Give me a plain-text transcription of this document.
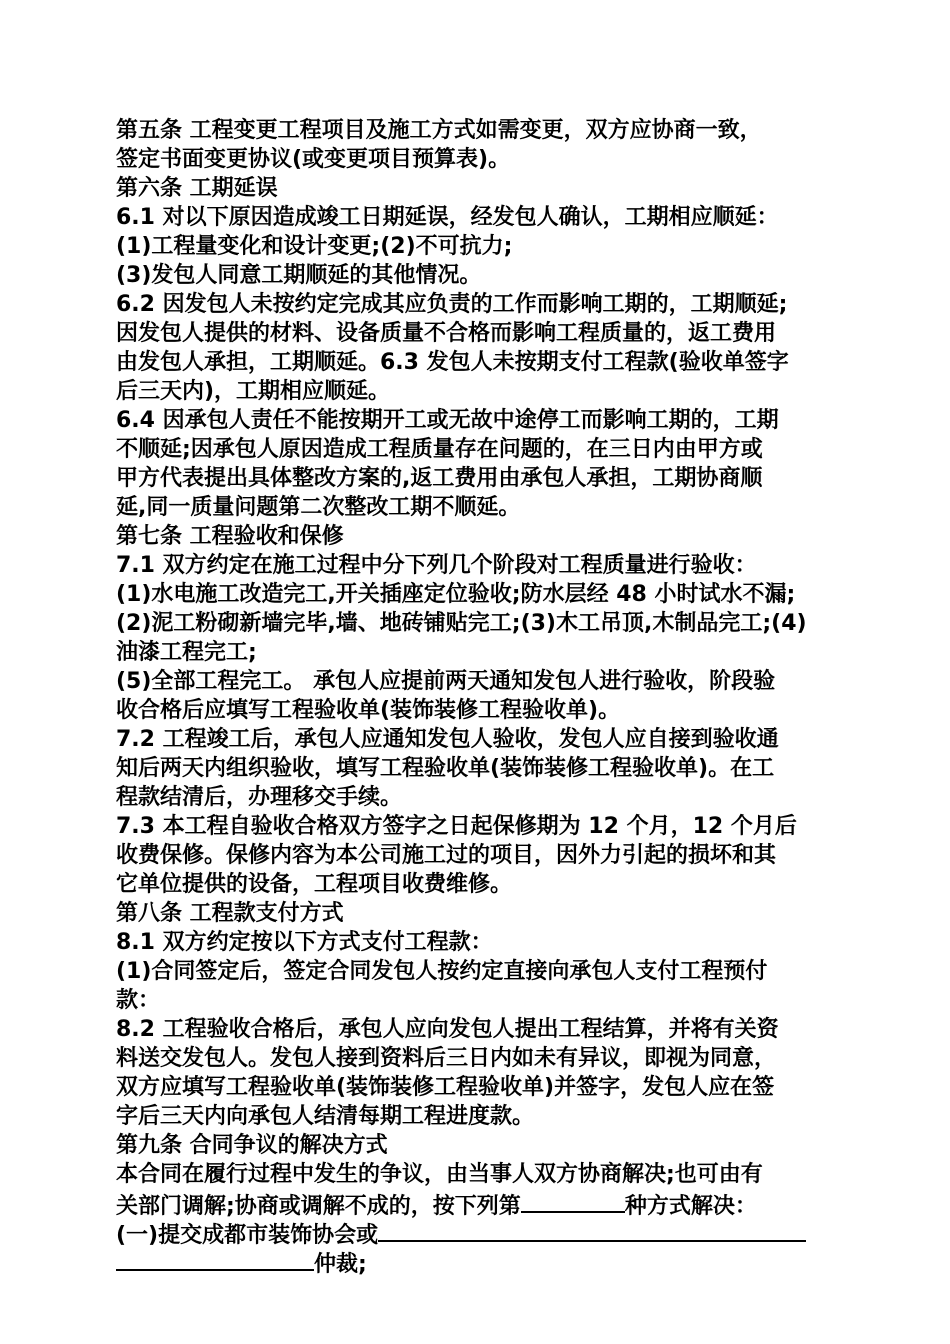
第五条 工程变更工程项目及施工方式如需变更，双方应协商一致，
签定书面变更协议(或变更项目预算表)。
第六条 工期延误
6.1 对以下原因造成竣工日期延误，经发包人确认，工期相应顺延：
(1)工程量变化和设计变更;(2)不可抗力;
(3)发包人同意工期顺延的其他情况。
6.2 因发包人未按约定完成其应负责的工作而影响工期的，工期顺延;
因发包人提供的材料、设备质量不合格而影响工程质量的，返工费用
由发包人承担，工期顺延。6.3 发包人未按期支付工程款(验收单签字
后三天内)，工期相应顺延。
6.4 因承包人责任不能按期开工或无故中途停工而影响工期的，工期
不顺延;因承包人原因造成工程质量存在问题的，在三日内由甲方或
甲方代表提出具体整改方案的,返工费用由承包人承担，工期协商顺
延,同一质量问题第二次整改工期不顺延。
第七条 工程验收和保修
7.1 双方约定在施工过程中分下列几个阶段对工程质量进行验收：
(1)水电施工改造完工,开关插座定位验收;防水层经 48 小时试水不漏;
(2)泥工粉砌新墙完毕,墙、地砖铺贴完工;(3)木工吊顶,木制品完工;(4)
油漆工程完工;
(5)全部工程完工。 承包人应提前两天通知发包人进行验收，阶段验
收合格后应填写工程验收单(装饰装修工程验收单)。
7.2 工程竣工后，承包人应通知发包人验收，发包人应自接到验收通
知后两天内组织验收，填写工程验收单(装饰装修工程验收单)。在工
程款结清后，办理移交手续。
7.3 本工程自验收合格双方签字之日起保修期为 12 个月，12 个月后
收费保修。保修内容为本公司施工过的项目，因外力引起的损坏和其
它单位提供的设备，工程项目收费维修。
第八条 工程款支付方式
8.1 双方约定按以下方式支付工程款：
(1)合同签定后，签定合同发包人按约定直接向承包人支付工程预付
款：
8.2 工程验收合格后，承包人应向发包人提出工程结算，并将有关资
料送交发包人。发包人接到资料后三日内如未有异议，即视为同意，
双方应填写工程验收单(装饰装修工程验收单)并签字，发包人应在签
字后三天内向承包人结清每期工程进度款。
第九条 合同争议的解决方式
本合同在履行过程中发生的争议，由当事人双方协商解决;也可由有
关部门调解;协商或调解不成的，按下列第	种方式解决：
(一)提交成都市装饰协会或
仲裁;
